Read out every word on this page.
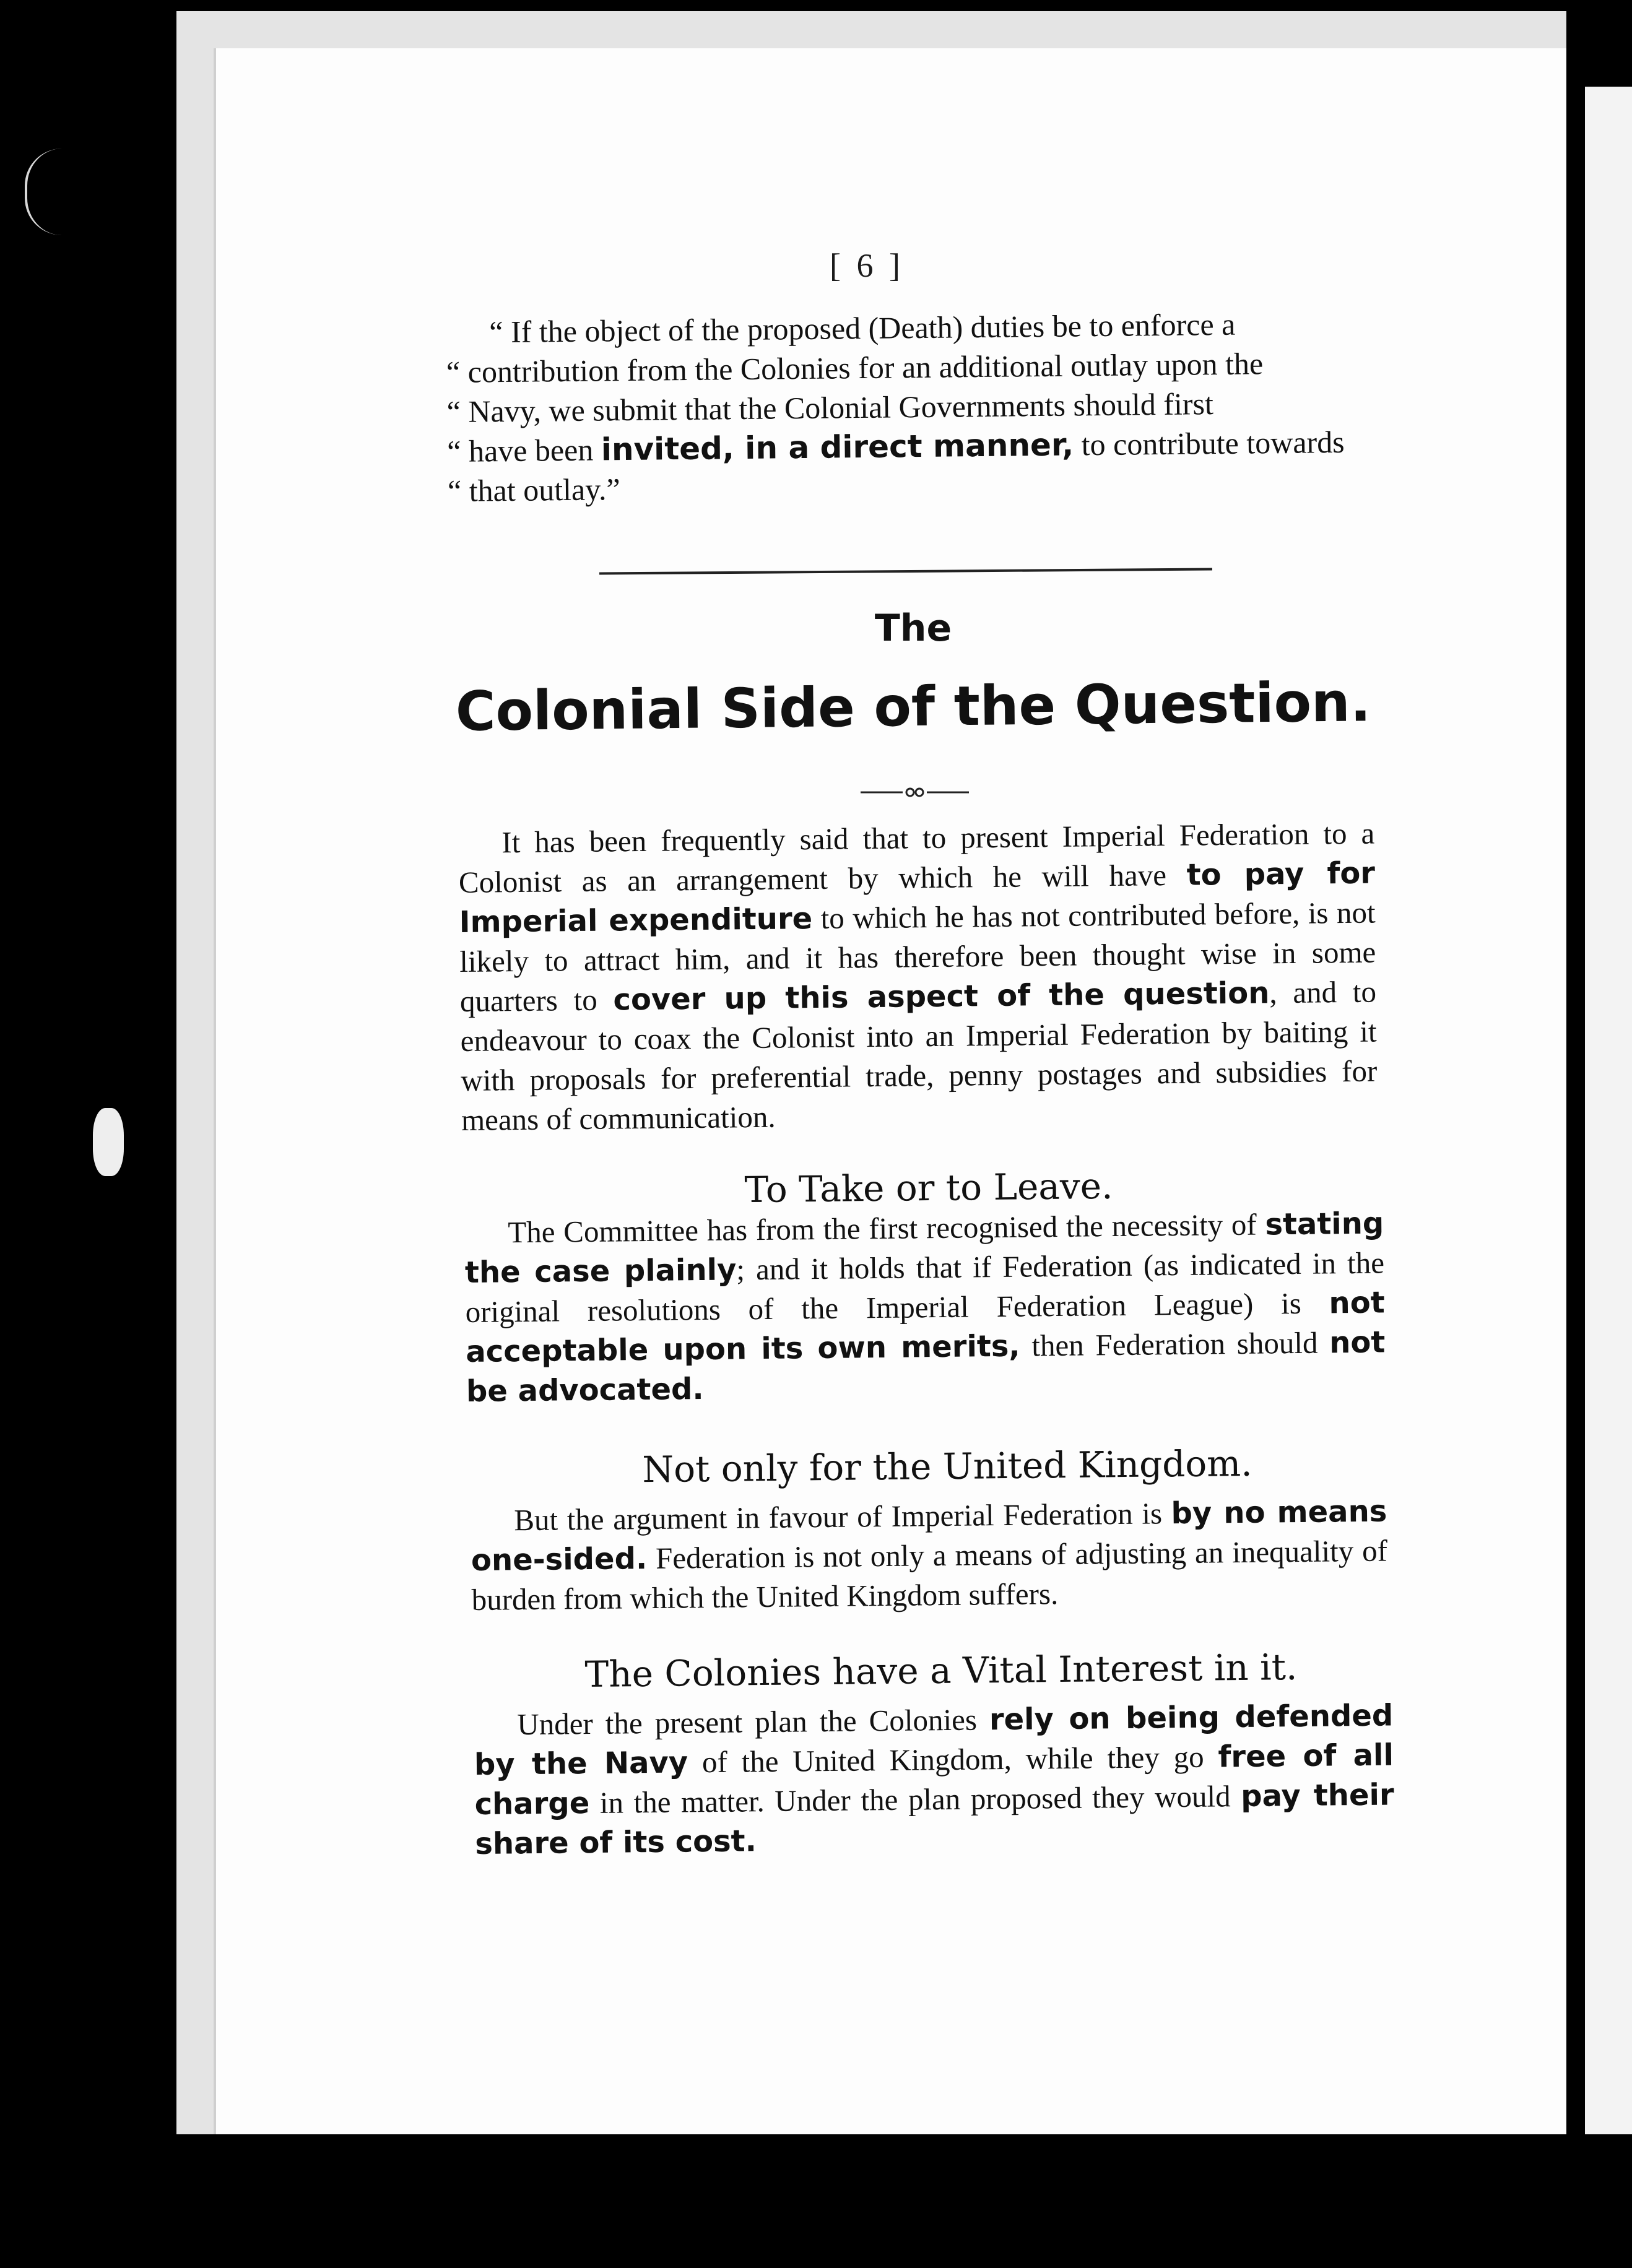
[ 6 ]

“ If the object of the proposed (Death) duties be to enforce a

“ contribution from the Colonies for an additional outlay upon the

“ Navy, we submit that the Colonial Governments should first

“ have been invited, in a direct manner, to contribute towards

“ that outlay.”

The
Colonial Side of the Question.

It has been frequently said that to present Imperial Federation to a Colonist as an arrangement by which he will have to pay for Imperial expenditure to which he has not contributed before, is not likely to attract him, and it has therefore been thought wise in some quarters to cover up this aspect of the question, and to endeavour to coax the Colonist into an Imperial Federation by baiting it with proposals for preferential trade, penny postages and subsidies for means of communication.

To Take or to Leave.

The Committee has from the first recognised the necessity of stating the case plainly; and it holds that if Federation (as indicated in the original resolutions of the Imperial Federation League) is not acceptable upon its own merits, then Federation should not be advocated.

Not only for the United Kingdom.

But the argument in favour of Imperial Federation is by no means one-sided. Federation is not only a means of adjusting an inequality of burden from which the United Kingdom suffers.

The Colonies have a Vital Interest in it.

Under the present plan the Colonies rely on being defended by the Navy of the United Kingdom, while they go free of all charge in the matter. Under the plan proposed they would pay their share of its cost.
